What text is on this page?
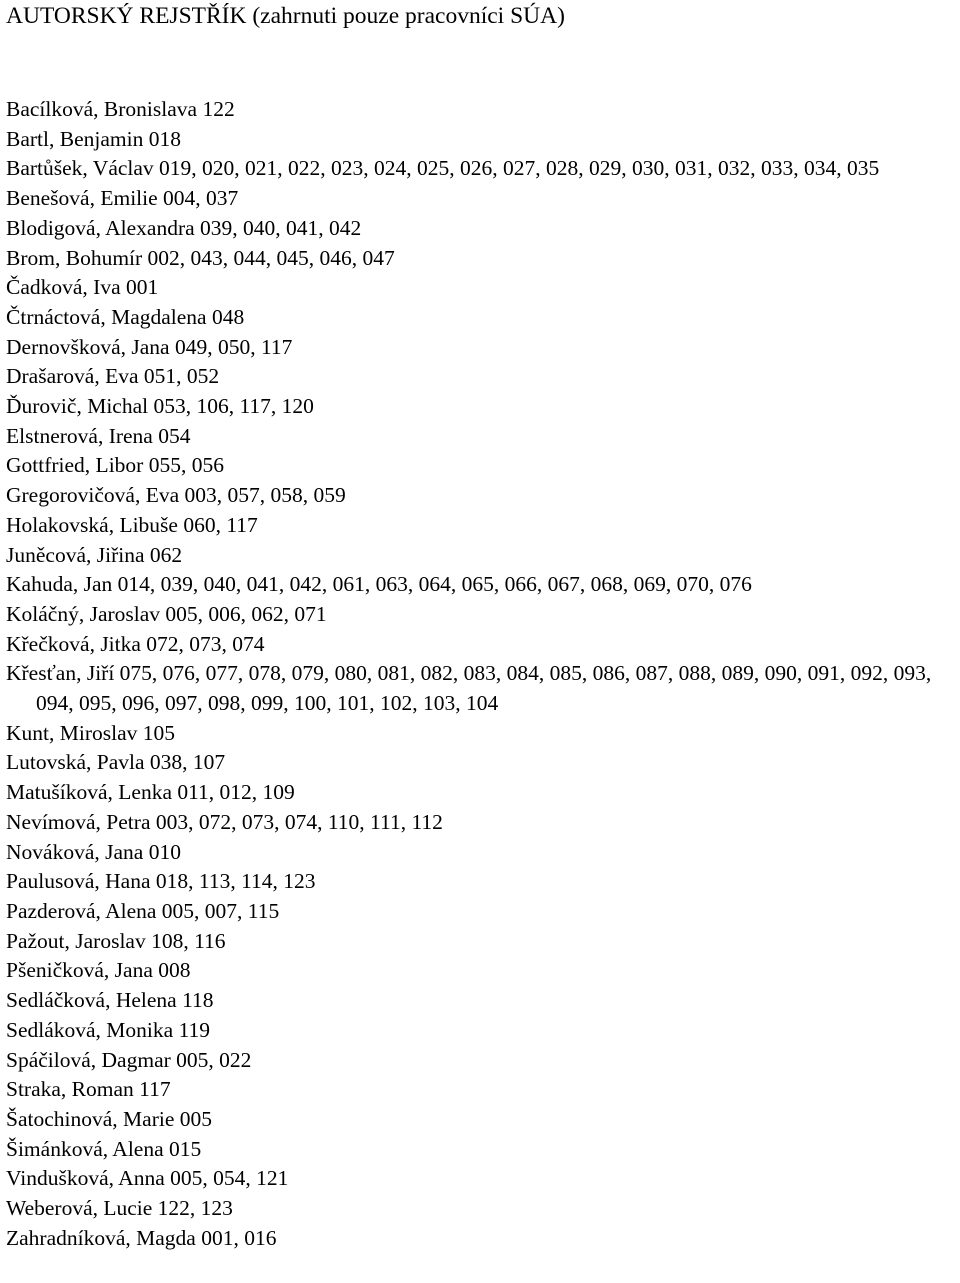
AUTORSKÝ REJSTŘÍK (zahrnuti pouze pracovníci SÚA)
Bacílková, Bronislava 122
Bartl, Benjamin 018
Bartůšek, Václav 019, 020, 021, 022, 023, 024, 025, 026, 027, 028, 029, 030, 031, 032, 033, 034, 035
Benešová, Emilie 004, 037
Blodigová, Alexandra 039, 040, 041, 042
Brom, Bohumír 002, 043, 044, 045, 046, 047
Čadková, Iva 001
Čtrnáctová, Magdalena 048
Dernovšková, Jana 049, 050, 117
Drašarová, Eva 051, 052
Ďurovič, Michal 053, 106, 117, 120
Elstnerová, Irena 054
Gottfried, Libor 055, 056
Gregorovičová, Eva 003, 057, 058, 059
Holakovská, Libuše 060, 117
Juněcová, Jiřina 062
Kahuda, Jan 014, 039, 040, 041, 042, 061, 063, 064, 065, 066, 067, 068, 069, 070, 076
Koláčný, Jaroslav 005, 006, 062, 071
Křečková, Jitka 072, 073, 074
Křesťan, Jiří 075, 076, 077, 078, 079, 080, 081, 082, 083, 084, 085, 086, 087, 088, 089, 090, 091, 092, 093, 094, 095, 096, 097, 098, 099, 100, 101, 102, 103, 104
Kunt, Miroslav 105
Lutovská, Pavla 038, 107
Matušíková, Lenka 011, 012, 109
Nevímová, Petra 003, 072, 073, 074, 110, 111, 112
Nováková, Jana 010
Paulusová, Hana 018, 113, 114, 123
Pazderová, Alena 005, 007, 115
Pažout, Jaroslav 108, 116
Pšeničková, Jana 008
Sedláčková, Helena 118
Sedláková, Monika 119
Spáčilová, Dagmar 005, 022
Straka, Roman 117
Šatochinová, Marie 005
Šimánková, Alena 015
Vindušková, Anna 005, 054, 121
Weberová, Lucie 122, 123
Zahradníková, Magda 001, 016
